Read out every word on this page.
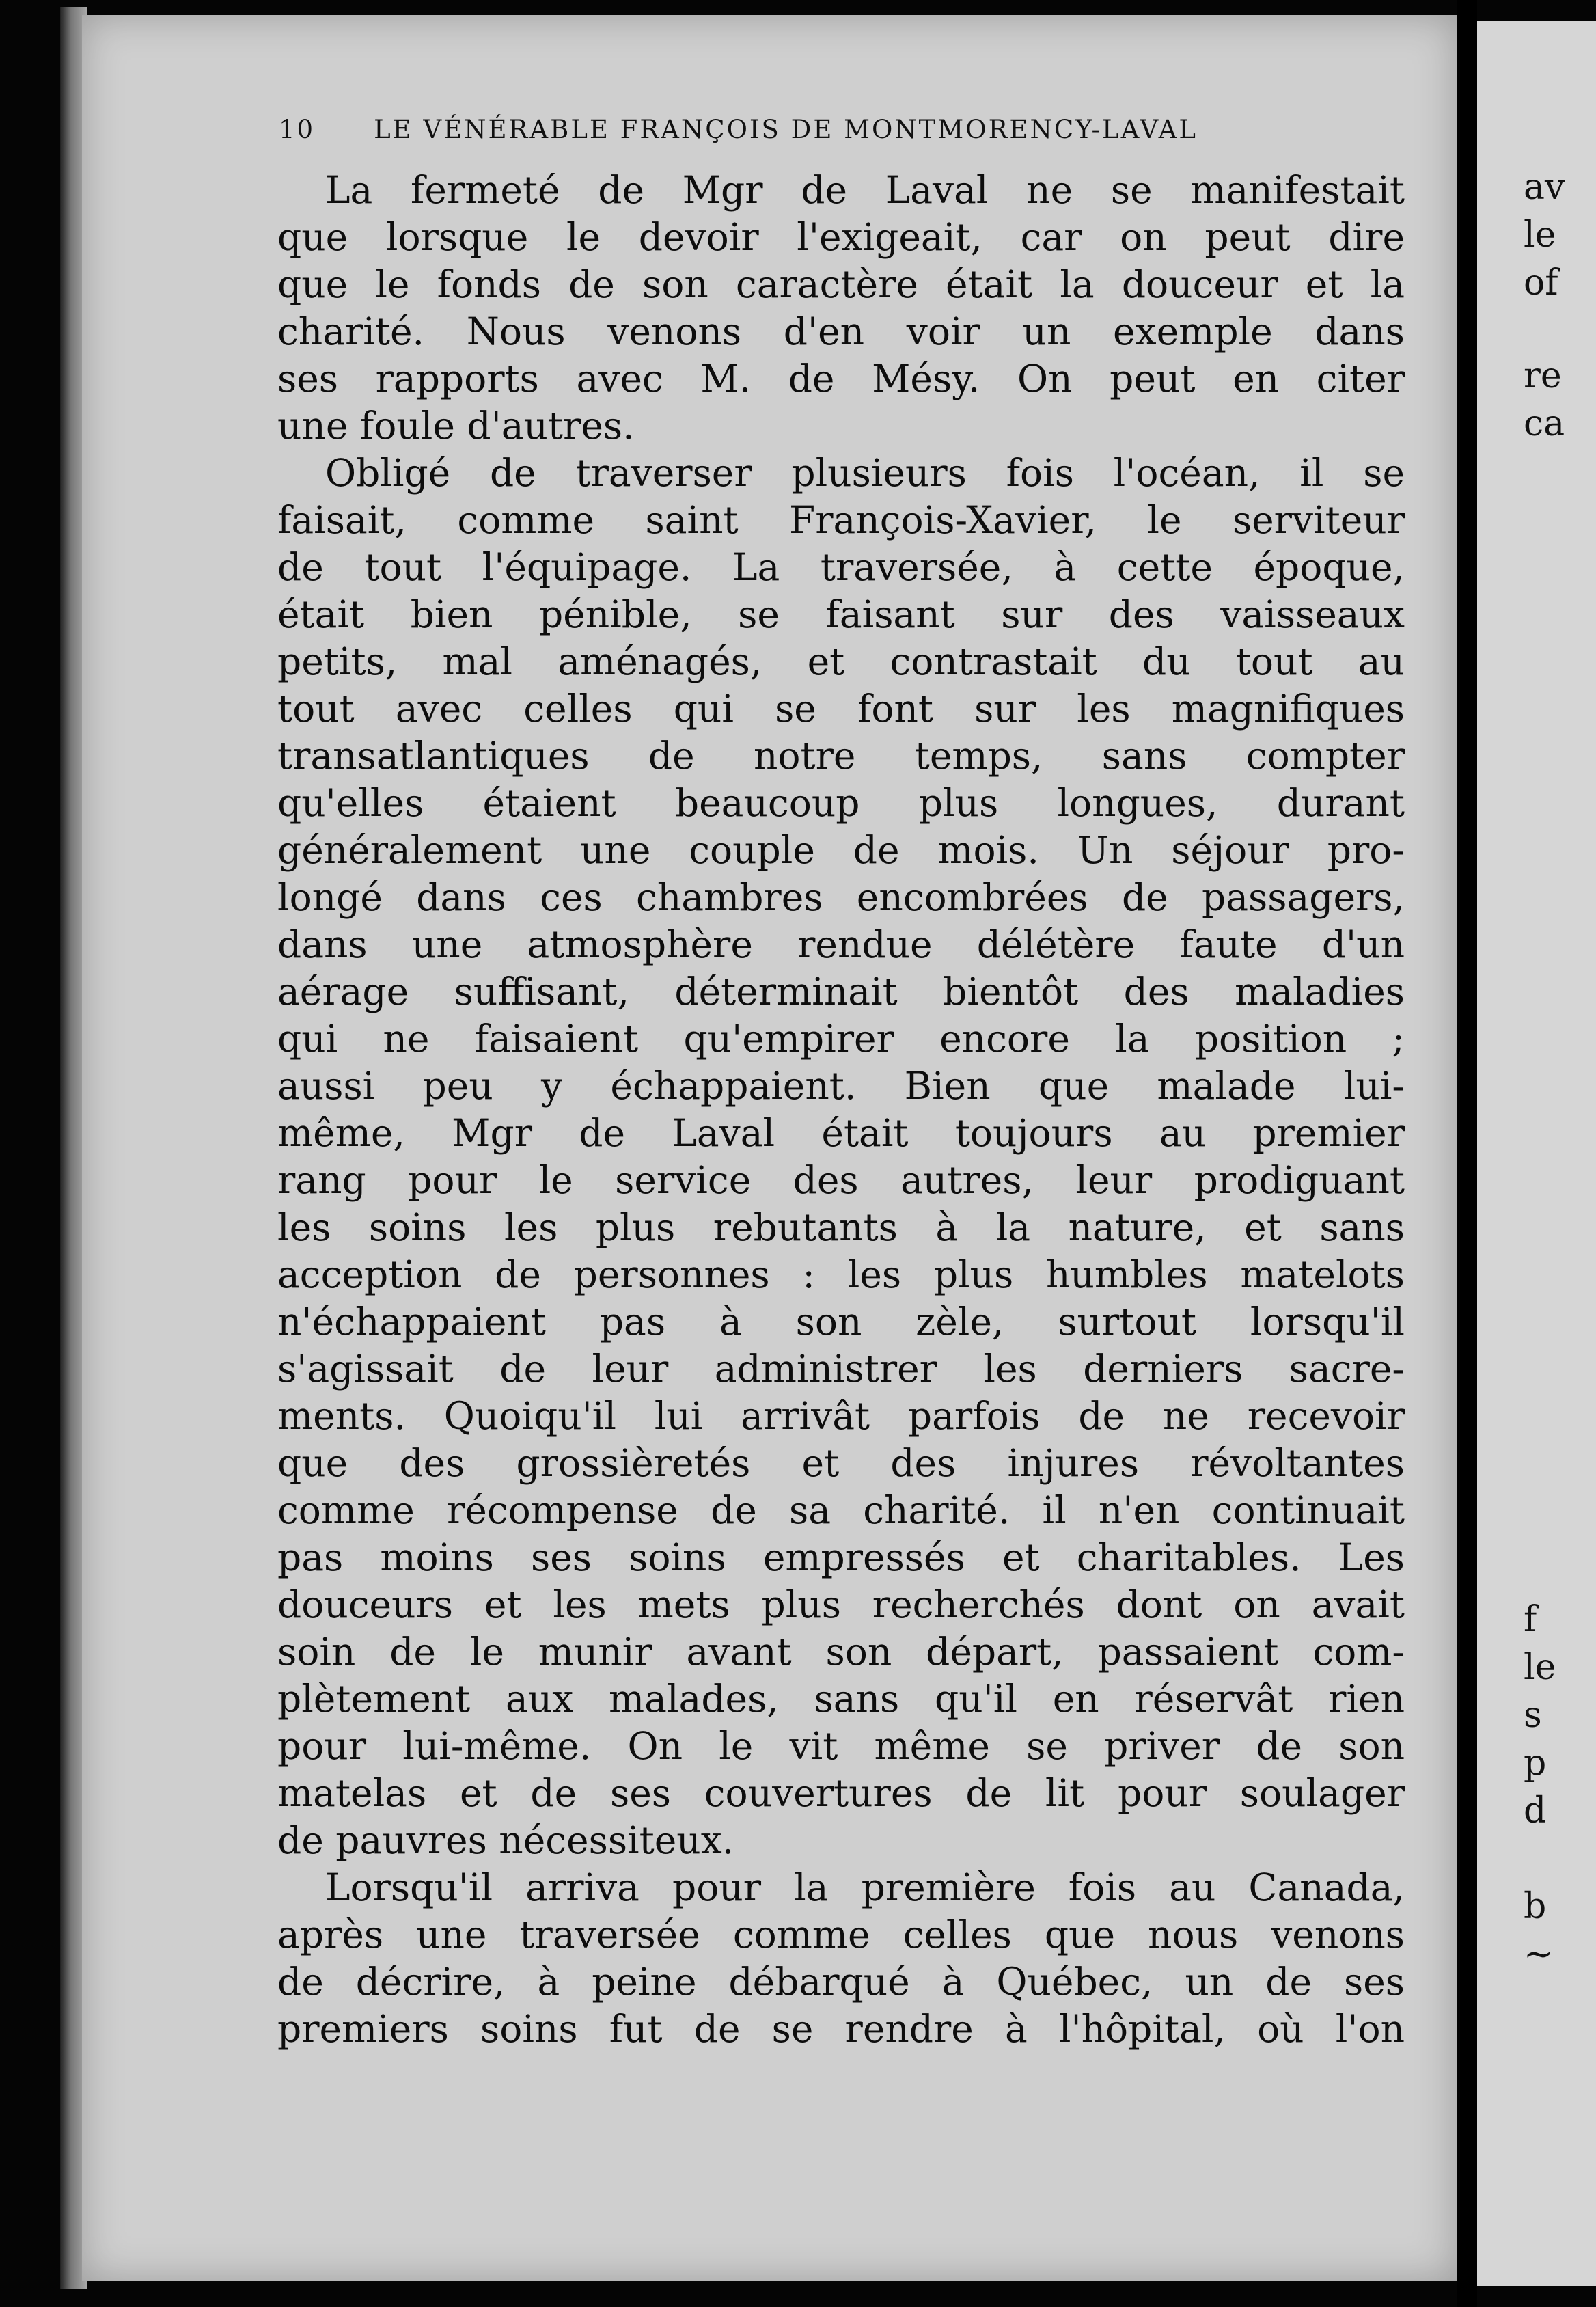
10 LE VÉNÉRABLE FRANÇOIS DE MONTMORENCY-LAVAL
La fermeté de Mgr de Laval ne se manifestait
que lorsque le devoir l'exigeait, car on peut dire
que le fonds de son caractère était la douceur et la
charité. Nous venons d'en voir un exemple dans
ses rapports avec M. de Mésy. On peut en citer
une foule d'autres.
Obligé de traverser plusieurs fois l'océan, il se
faisait, comme saint François-Xavier, le serviteur
de tout l'équipage. La traversée, à cette époque,
était bien pénible, se faisant sur des vaisseaux
petits, mal aménagés, et contrastait du tout au
tout avec celles qui se font sur les magnifiques
transatlantiques de notre temps, sans compter
qu'elles étaient beaucoup plus longues, durant
généralement une couple de mois. Un séjour pro-
longé dans ces chambres encombrées de passagers,
dans une atmosphère rendue délétère faute d'un
aérage suffisant, déterminait bientôt des maladies
qui ne faisaient qu'empirer encore la position ;
aussi peu y échappaient. Bien que malade lui-
même, Mgr de Laval était toujours au premier
rang pour le service des autres, leur prodiguant
les soins les plus rebutants à la nature, et sans
acception de personnes : les plus humbles matelots
n'échappaient pas à son zèle, surtout lorsqu'il
s'agissait de leur administrer les derniers sacre-
ments. Quoiqu'il lui arrivât parfois de ne recevoir
que des grossièretés et des injures révoltantes
comme récompense de sa charité. il n'en continuait
pas moins ses soins empressés et charitables. Les
douceurs et les mets plus recherchés dont on avait
soin de le munir avant son départ, passaient com-
plètement aux malades, sans qu'il en réservât rien
pour lui-même. On le vit même se priver de son
matelas et de ses couvertures de lit pour soulager
de pauvres nécessiteux.
Lorsqu'il arriva pour la première fois au Canada,
après une traversée comme celles que nous venons
de décrire, à peine débarqué à Québec, un de ses
premiers soins fut de se rendre à l'hôpital, où l'on
av
le
of
re
ca
f
le
s
p
d
b
~
